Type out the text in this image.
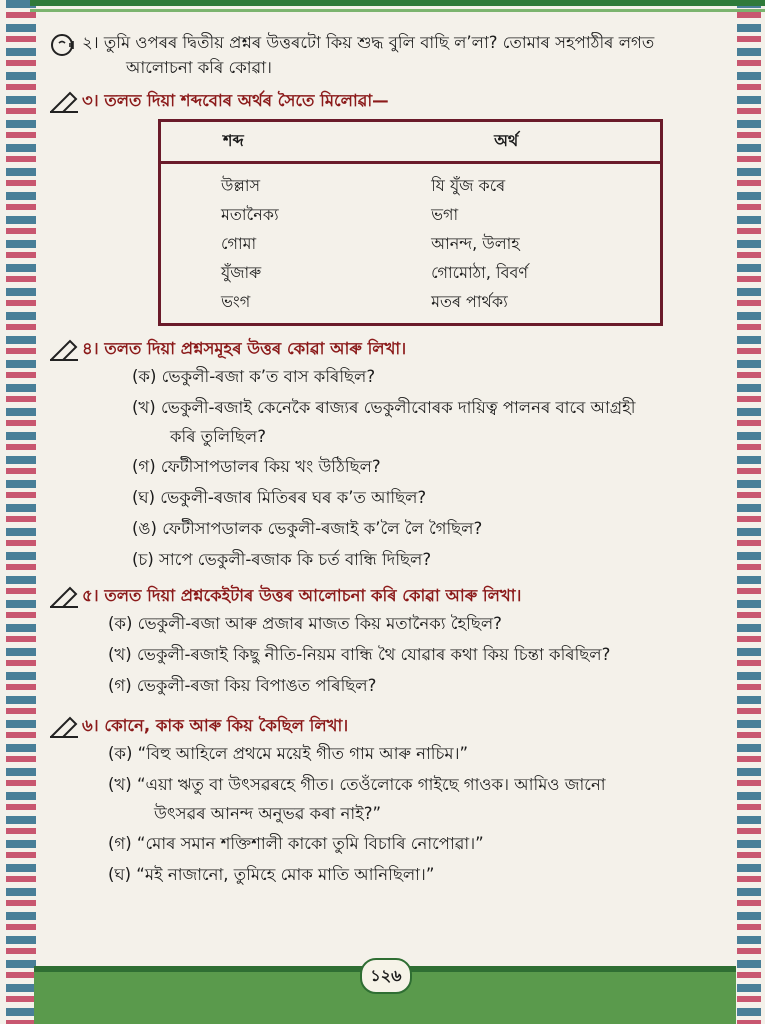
২। তুমি ওপৰৰ দ্বিতীয় প্ৰশ্নৰ উত্তৰটো কিয় শুদ্ধ বুলি বাছি ল’লা? তোমাৰ সহপাঠীৰ লগত

আলোচনা কৰি কোৱা।

৩। তলত দিয়া শব্দবোৰ অৰ্থৰ সৈতে মিলোৱা—

শব্দ	অৰ্থ
উল্লাস	যি যুঁজ কৰে
মতানৈক্য	ভগা
গোমা	আনন্দ, উলাহ
যুঁজাৰু	গোমোঠা, বিবৰ্ণ
ভংগ	মতৰ পাৰ্থক্য

৪। তলত দিয়া প্ৰশ্নসমূহৰ উত্তৰ কোৱা আৰু লিখা।

(ক) ভেকুলী-ৰজা ক’ত বাস কৰিছিল?
(খ) ভেকুলী-ৰজাই কেনেকৈ ৰাজ্যৰ ভেকুলীবোৰক দায়িত্ব পালনৰ বাবে আগ্ৰহী
কৰি তুলিছিল?
(গ) ফেটীসাপডালৰ কিয় খং উঠিছিল?
(ঘ) ভেকুলী-ৰজাৰ মিতিৰৰ ঘৰ ক’ত আছিল?
(ঙ) ফেটীসাপডালক ভেকুলী-ৰজাই ক’লৈ লৈ গৈছিল?
(চ) সাপে ভেকুলী-ৰজাক কি চৰ্ত বান্ধি দিছিল?

৫। তলত দিয়া প্ৰশ্নকেইটাৰ উত্তৰ আলোচনা কৰি কোৱা আৰু লিখা।

(ক) ভেকুলী-ৰজা আৰু প্ৰজাৰ মাজত কিয় মতানৈক্য হৈছিল?
(খ) ভেকুলী-ৰজাই কিছু নীতি-নিয়ম বান্ধি থৈ যোৱাৰ কথা কিয় চিন্তা কৰিছিল?
(গ) ভেকুলী-ৰজা কিয় বিপাঙত পৰিছিল?

৬। কোনে, কাক আৰু কিয় কৈছিল লিখা।

(ক) “বিহু আহিলে প্ৰথমে ময়েই গীত গাম আৰু নাচিম।”
(খ) “এয়া ঋতু বা উৎসৱৰহে গীত। তেওঁলোকে গাইছে গাওক। আমিও জানো
উৎসৱৰ আনন্দ অনুভৱ কৰা নাই?”
(গ) “মোৰ সমান শক্তিশালী কাকো তুমি বিচাৰি নোপোৱা।”
(ঘ) “মই নাজানো, তুমিহে মোক মাতি আনিছিলা।”
১২৬
